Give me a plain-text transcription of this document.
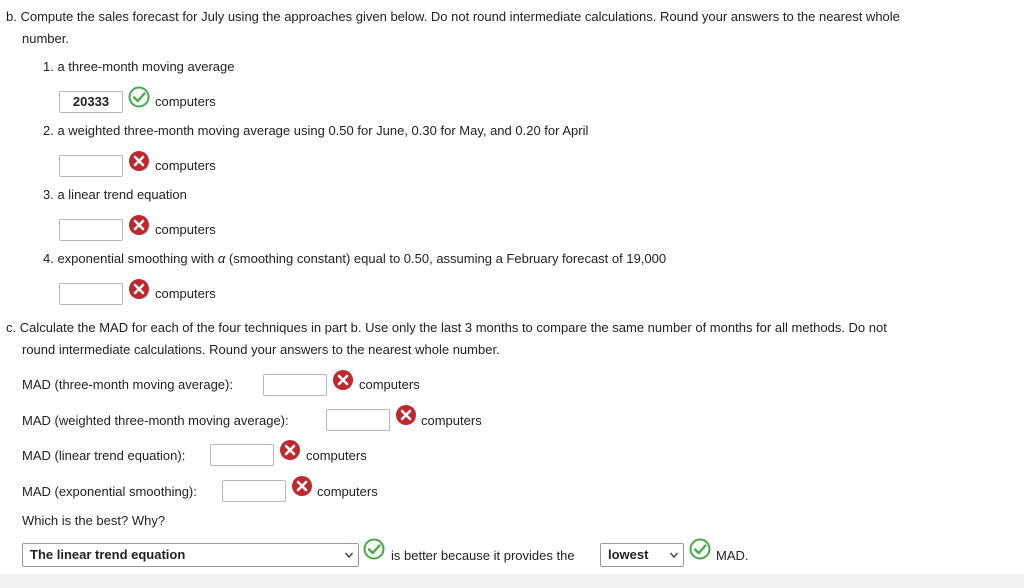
b. Compute the sales forecast for July using the approaches given below. Do not round intermediate calculations. Round your answers to the nearest whole
number.
1. a three-month moving average
20333	computers
2. a weighted three-month moving average using 0.50 for June, 0.30 for May, and 0.20 for April
computers
3. a linear trend equation
computers
4. exponential smoothing with α (smoothing constant) equal to 0.50, assuming a February forecast of 19,000
computers
c. Calculate the MAD for each of the four techniques in part b. Use only the last 3 months to compare the same number of months for all methods. Do not
round intermediate calculations. Round your answers to the nearest whole number.
MAD (three-month moving average):	computers
MAD (weighted three-month moving average):	computers
MAD (linear trend equation):	computers
MAD (exponential smoothing):	computers
Which is the best? Why?
The linear trend equation	is better because it provides the	lowest	MAD.
